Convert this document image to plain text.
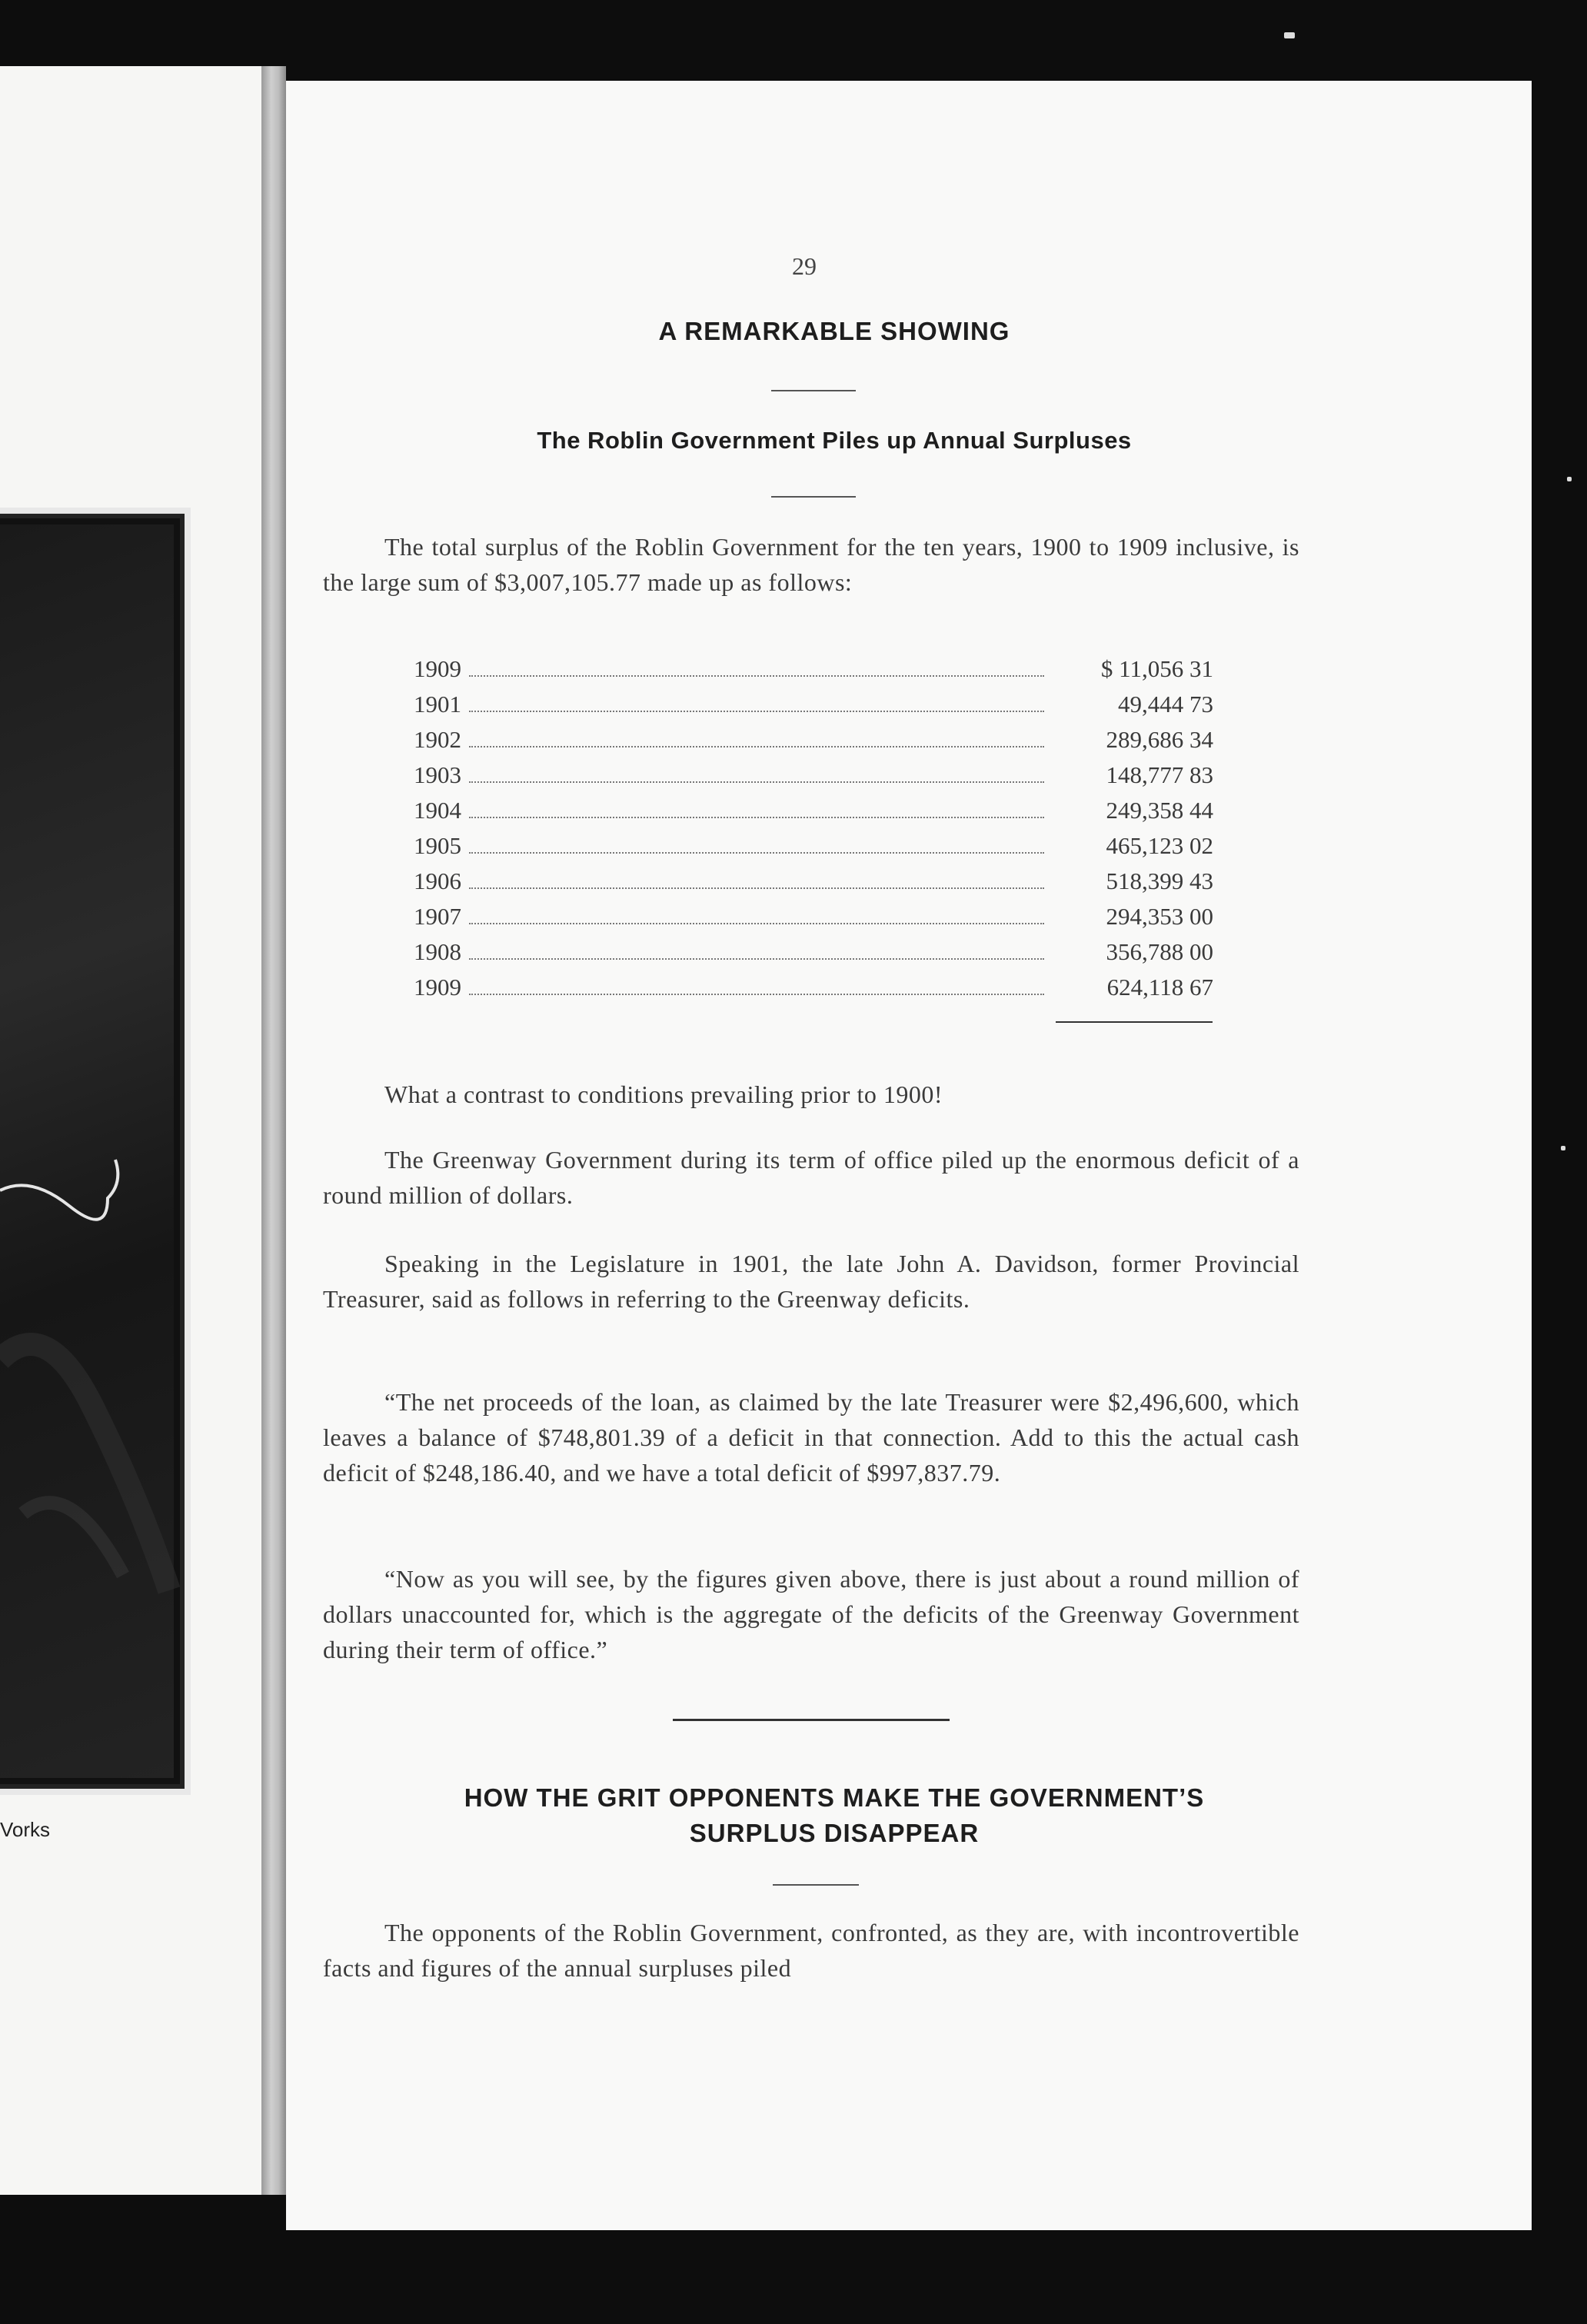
Vorks
29
A REMARKABLE SHOWING
The Roblin Government Piles up Annual Surpluses
The total surplus of the Roblin Government for the ten years, 1900 to 1909 inclusive, is the large sum of $3,007,105.77 made up as follows:
1909	$ 11,056 31
1901	49,444 73
1902	289,686 34
1903	148,777 83
1904	249,358 44
1905	465,123 02
1906	518,399 43
1907	294,353 00
1908	356,788 00
1909	624,118 67
What a contrast to conditions prevailing prior to 1900!
The Greenway Government during its term of office piled up the enormous deficit of a round million of dollars.
Speaking in the Legislature in 1901, the late John A. Davidson, former Provincial Treasurer, said as follows in referring to the Greenway deficits.
“The net proceeds of the loan, as claimed by the late Treasurer were $2,496,600, which leaves a balance of $748,801.39 of a deficit in that connection. Add to this the actual cash deficit of $248,186.40, and we have a total deficit of $997,837.79.
“Now as you will see, by the figures given above, there is just about a round million of dollars unaccounted for, which is the aggregate of the deficits of the Greenway Government during their term of office.”
HOW THE GRIT OPPONENTS MAKE THE GOVERNMENT’S
SURPLUS DISAPPEAR
The opponents of the Roblin Government, confronted, as they are, with incontrovertible facts and figures of the annual surpluses piled
